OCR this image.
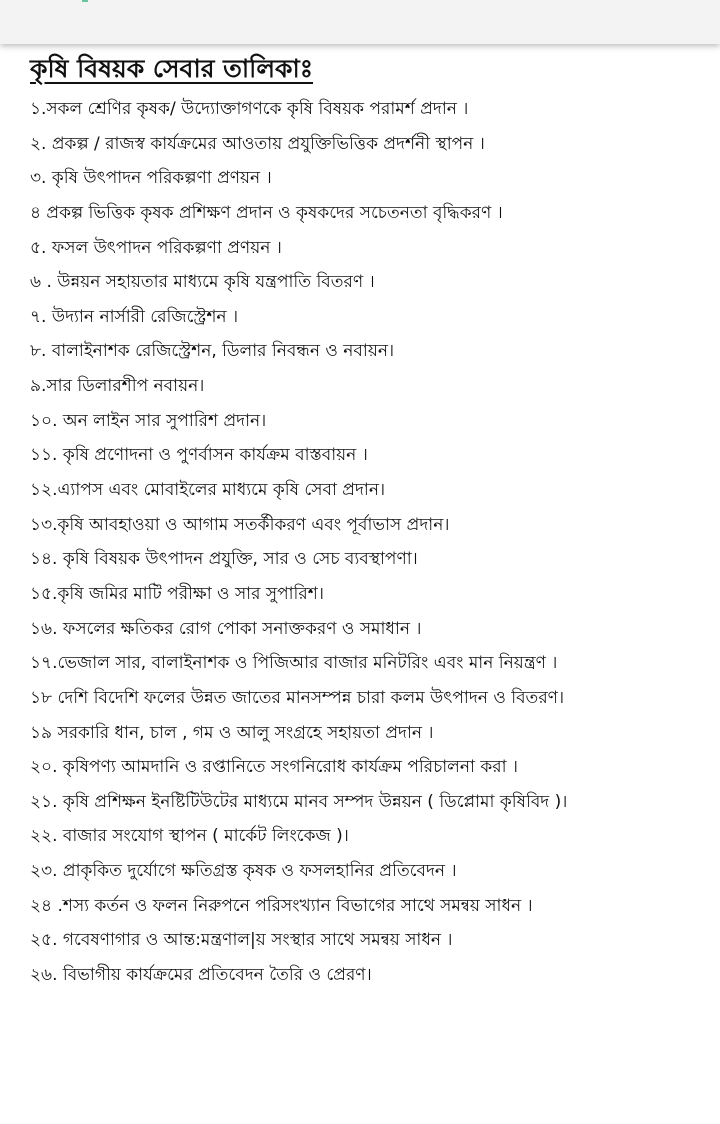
কৃষি বিষয়ক সেবার তালিকাঃ
১.সকল শ্রেণির কৃষক/ উদ্যোক্তাগণকে কৃষি বিষয়ক পরামর্শ প্রদান ।
২. প্রকল্প / রাজস্ব কার্যক্রমের আওতায় প্রযুক্তিভিত্তিক প্রদর্শনী স্থাপন ।
৩. কৃষি উৎপাদন পরিকল্পণা প্রণয়ন ।
৪ প্রকল্প ভিত্তিক কৃষক প্রশিক্ষণ প্রদান ও কৃষকদের সচেতনতা বৃদ্ধিকরণ ।
৫. ফসল উৎপাদন পরিকল্পণা প্রণয়ন ।
৬ . উন্নয়ন সহায়তার মাধ্যমে কৃষি যন্ত্রপাতি বিতরণ ।
৭. উদ্যান নার্সারী রেজিস্ট্রেশন ।
৮. বালাইনাশক রেজিস্ট্রেশন, ডিলার নিবন্ধন ও নবায়ন।
৯.সার ডিলারশীপ নবায়ন।
১০. অন লাইন সার সুপারিশ প্রদান।
১১. কৃষি প্রণোদনা ও পুণর্বাসন কার্যক্রম বাস্তবায়ন ।
১২.এ্যাপস এবং মোবাইলের মাধ্যমে কৃষি সেবা প্রদান।
১৩.কৃষি আবহাওয়া ও আগাম সতর্কীকরণ এবং পূর্বাভাস প্রদান।
১৪. কৃষি বিষয়ক উৎপাদন প্রযুক্তি, সার ও সেচ ব্যবস্থাপণা।
১৫.কৃষি জমির মাটি পরীক্ষা ও সার সুপারিশ।
১৬. ফসলের ক্ষতিকর রোগ পোকা সনাক্তকরণ ও সমাধান ।
১৭.ভেজাল সার, বালাইনাশক ও পিজিআর বাজার মনিটরিং এবং মান নিয়ন্ত্রণ ।
১৮ দেশি বিদেশি ফলের উন্নত জাতের মানসম্পন্ন চারা কলম উৎপাদন ও বিতরণ।
১৯ সরকারি ধান, চাল , গম ও আলু সংগ্রহে সহায়তা প্রদান ।
২০. কৃষিপণ্য আমদানি ও রপ্তানিতে সংগনিরোধ কার্যক্রম পরিচালনা করা ।
২১. কৃষি প্রশিক্ষন ইনষ্টিটিউটের মাধ্যমে মানব সম্পদ উন্নয়ন ( ডিপ্লোমা কৃষিবিদ )।
২২. বাজার সংযোগ স্থাপন ( মার্কেট লিংকেজ )।
২৩. প্রাকৃকিত দুর্যোগে ক্ষতিগ্রস্ত কৃষক ও ফসলহানির প্রতিবেদন ।
২৪ .শস্য কর্তন ও ফলন নিরুপনে পরিসংখ্যান বিভাগের সাথে সমন্বয় সাধন ।
২৫. গবেষণাগার ও আন্ত:মন্ত্রণাল|য় সংস্থার সাথে সমন্বয় সাধন ।
২৬. বিভাগীয় কার্যক্রমের প্রতিবেদন তৈরি ও প্রেরণ।
